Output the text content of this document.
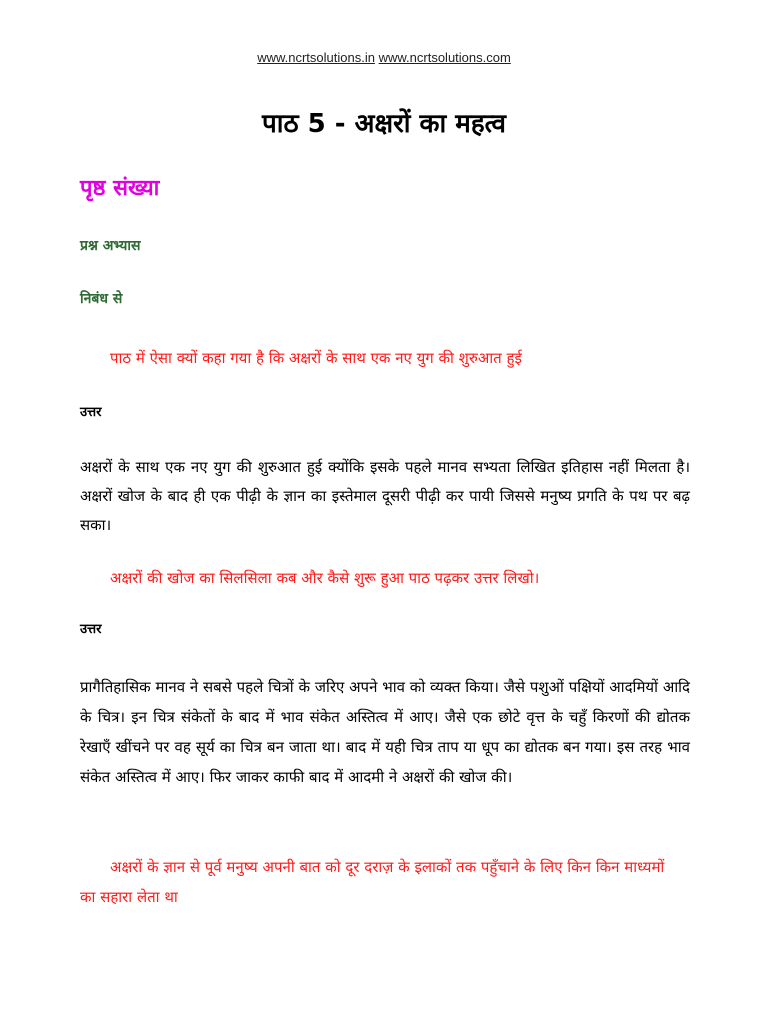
www.ncrtsolutions.in www.ncrtsolutions.com
पाठ 5 - अक्षरों का महत्व
पृष्ठ संख्या
प्रश्न अभ्यास
निबंध से

पाठ में ऐसा क्यों कहा गया है कि अक्षरों के साथ एक नए युग की शुरुआत हुई

उत्तर

अक्षरों के साथ एक नए युग की शुरुआत हुई क्योंकि इसके पहले मानव सभ्यता लिखित इतिहास नहीं मिलता है। अक्षरों खोज के बाद ही एक पीढ़ी के ज्ञान का इस्तेमाल दूसरी पीढ़ी कर पायी जिससे मनुष्य प्रगति के पथ पर बढ़ सका।

अक्षरों की खोज का सिलसिला कब और कैसे शुरू हुआ पाठ पढ़कर उत्तर लिखो।

उत्तर

प्रागैतिहासिक मानव ने सबसे पहले चित्रों के जरिए अपने भाव को व्यक्त किया। जैसे पशुओं पक्षियों आदमियों आदि के चित्र। इन चित्र संकेतों के बाद में भाव संकेत अस्तित्व में आए। जैसे एक छोटे वृत्त के चहुँ किरणों की द्योतक रेखाएँ खींचने पर वह सूर्य का चित्र बन जाता था। बाद में यही चित्र ताप या धूप का द्योतक बन गया। इस तरह भाव संकेत अस्तित्व में आए। फिर जाकर काफी बाद में आदमी ने अक्षरों की खोज की।

अक्षरों के ज्ञान से पूर्व मनुष्य अपनी बात को दूर दराज़ के इलाकों तक पहुँचाने के लिए किन किन माध्यमों का सहारा लेता था
